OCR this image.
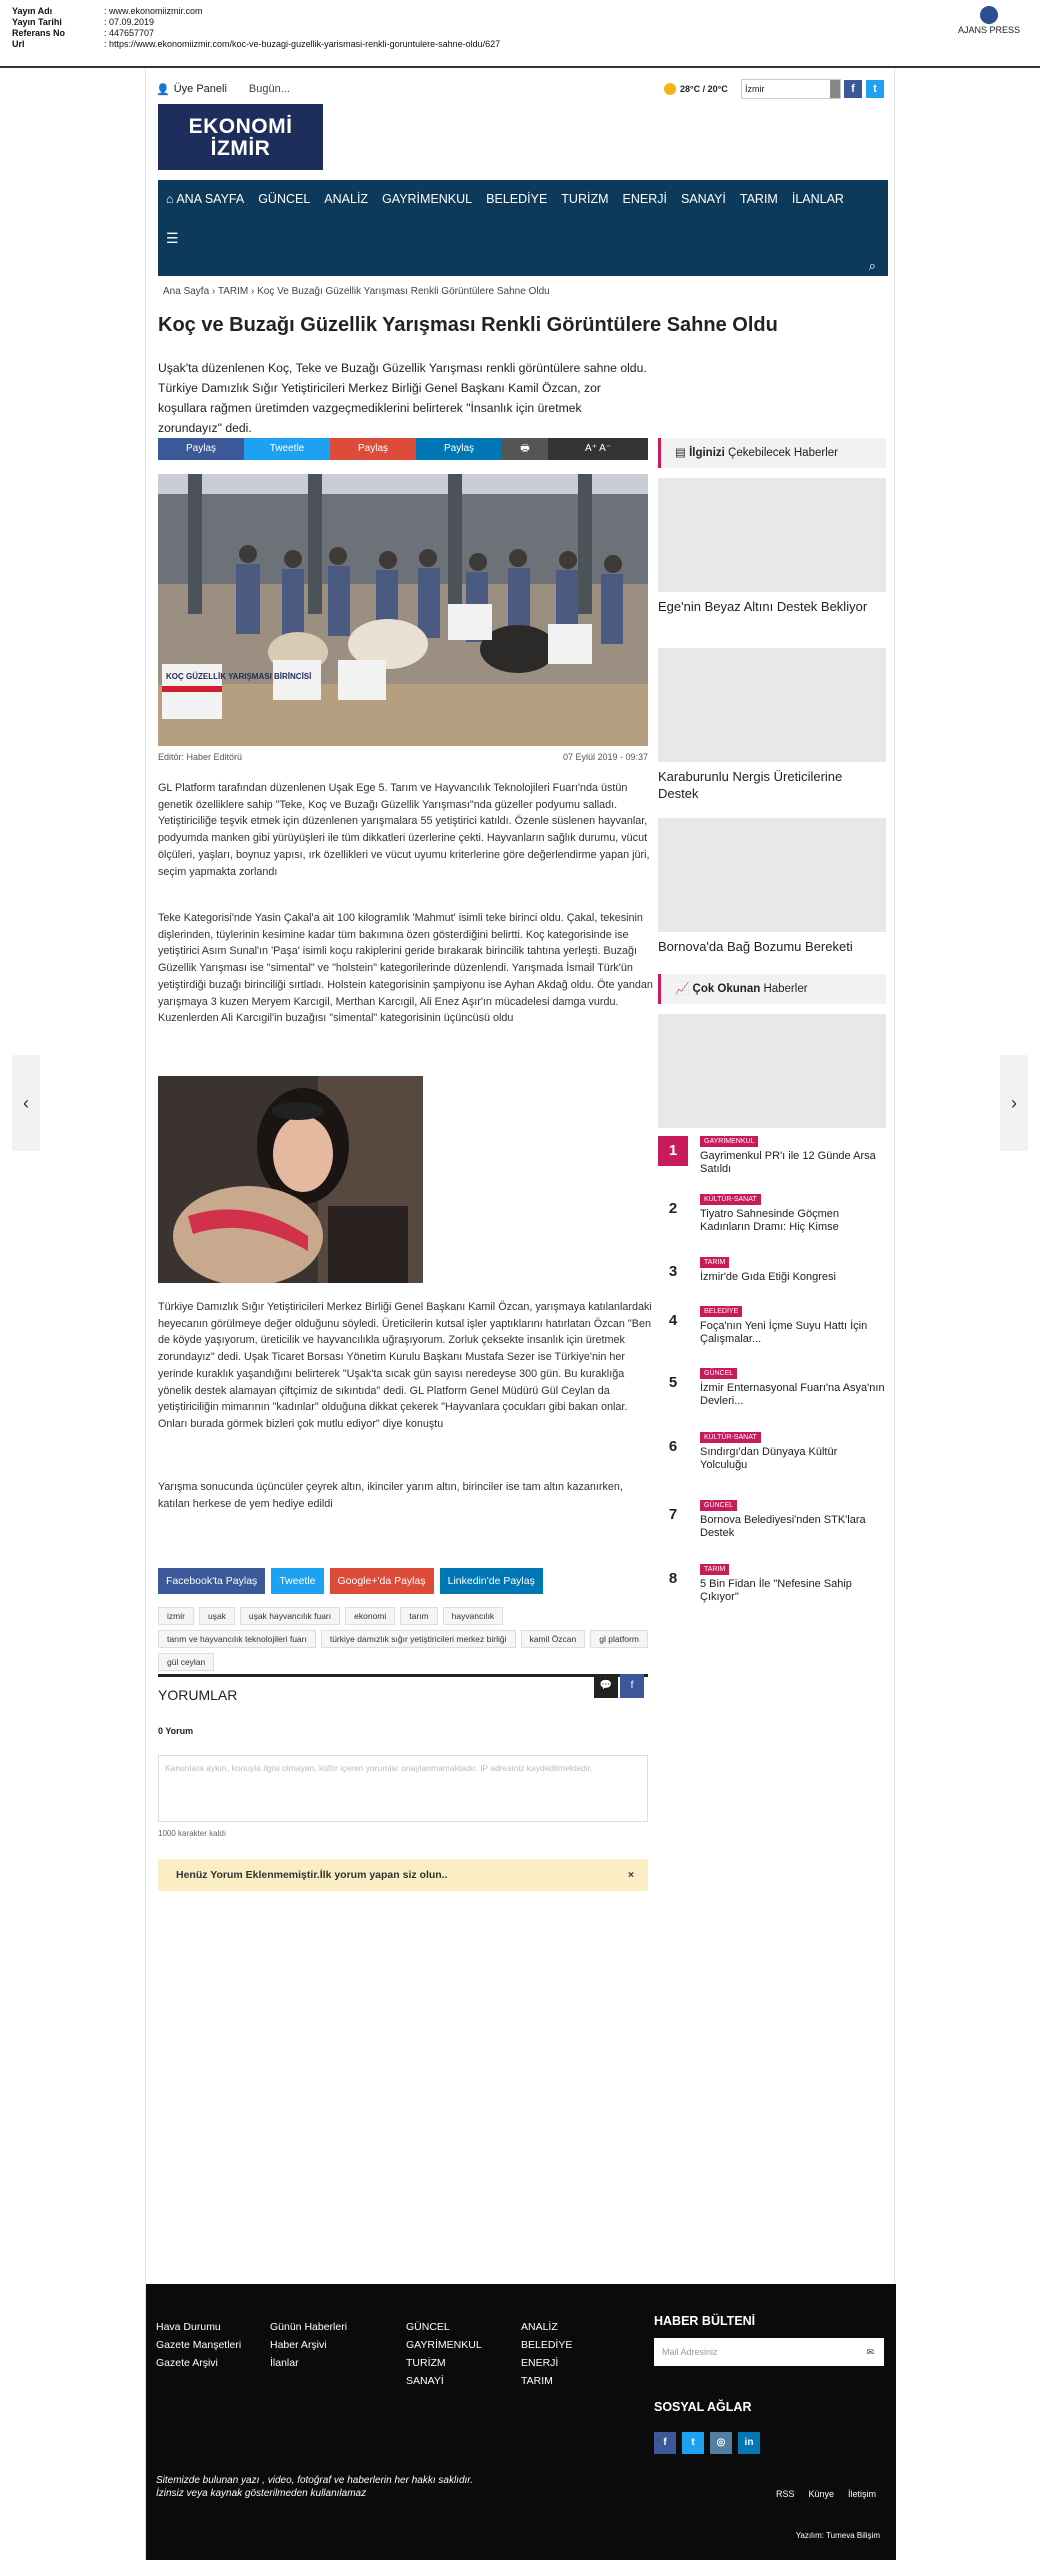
Yayın Adı	: www.ekonomiizmir.com
Yayın Tarihi	: 07.09.2019
Referans No	: 447657707
Url	: https://www.ekonomiizmir.com/koc-ve-buzagi-guzellik-yarismasi-renkli-goruntulere-sahne-oldu/627
AJANS PRESS
‹	›
👤 Üye Paneli Bugün...	28°C / 20°C	İzmir	f	t
EKONOMİ
İZMİR
⌂ ANA SAYFA GÜNCEL ANALİZ GAYRİMENKUL BELEDİYE TURİZM ENERJİ SANAYİ TARIM İLANLAR
☰
⌕
Ana Sayfa › TARIM › Koç Ve Buzağı Güzellik Yarışması Renkli Görüntülere Sahne Oldu
Koç ve Buzağı Güzellik Yarışması Renkli Görüntülere Sahne Oldu

Uşak'ta düzenlenen Koç, Teke ve Buzağı Güzellik Yarışması renkli görüntülere sahne oldu. Türkiye Damızlık Sığır Yetiştiricileri Merkez Birliği Genel Başkanı Kamil Özcan, zor koşullara rağmen üretimden vazgeçmediklerini belirterek "İnsanlık için üretmek zorundayız" dedi.

Paylaş	Tweetle	Paylaş	Paylaş	🖶	A⁺ A⁻
KOÇ GÜZELLİK YARIŞMASI BİRİNCİSİ
Editör: Haber Editörü	07 Eylül 2019 - 09:37

GL Platform tarafından düzenlenen Uşak Ege 5. Tarım ve Hayvancılık Teknolojileri Fuarı'nda üstün genetik özelliklere sahip "Teke, Koç ve Buzağı Güzellik Yarışması"nda güzeller podyumu salladı. Yetiştiriciliğe teşvik etmek için düzenlenen yarışmalara 55 yetiştirici katıldı. Özenle süslenen hayvanlar, podyumda manken gibi yürüyüşleri ile tüm dikkatleri üzerlerine çekti. Hayvanların sağlık durumu, vücut ölçüleri, yaşları, boynuz yapısı, ırk özellikleri ve vücut uyumu kriterlerine göre değerlendirme yapan jüri, seçim yapmakta zorlandı

Teke Kategorisi'nde Yasin Çakal'a ait 100 kilogramlık 'Mahmut' isimli teke birinci oldu. Çakal, tekesinin dişlerinden, tüylerinin kesimine kadar tüm bakımına özen gösterdiğini belirtti. Koç kategorisinde ise yetiştirici Asım Sunal'ın 'Paşa' isimli koçu rakiplerini geride bırakarak birincilik tahtına yerleşti. Buzağı Güzellik Yarışması ise "simental" ve "holstein" kategorilerinde düzenlendi. Yarışmada İsmail Türk'ün yetiştirdiği buzağı birinciliği sırtladı. Holstein kategorisinin şampiyonu ise Ayhan Akdağ oldu. Öte yandan yarışmaya 3 kuzen Meryem Karcıgil, Merthan Karcıgil, Ali Enez Aşır'ın mücadelesi damga vurdu. Kuzenlerden Ali Karcıgil'in buzağısı "simental" kategorisinin üçüncüsü oldu

Türkiye Damızlık Sığır Yetiştiricileri Merkez Birliği Genel Başkanı Kamil Özcan, yarışmaya katılanlardaki heyecanın görülmeye değer olduğunu söyledi. Üreticilerin kutsal işler yaptıklarını hatırlatan Özcan "Ben de köyde yaşıyorum, üreticilik ve hayvancılıkla uğraşıyorum. Zorluk çeksekte insanlık için üretmek zorundayız" dedi. Uşak Ticaret Borsası Yönetim Kurulu Başkanı Mustafa Sezer ise Türkiye'nin her yerinde kuraklık yaşandığını belirterek "Uşak'ta sıcak gün sayısı neredeyse 300 gün. Bu kuraklığa yönelik destek alamayan çiftçimiz de sıkıntıda" dedi. GL Platform Genel Müdürü Gül Ceylan da yetiştiriciliğin mimarının "kadınlar" olduğuna dikkat çekerek "Hayvanlara çocukları gibi bakan onlar. Onları burada görmek bizleri çok mutlu ediyor" diye konuştu

Yarışma sonucunda üçüncüler çeyrek altın, ikinciler yarım altın, birinciler ise tam altın kazanırken, katılan herkese de yem hediye edildi

Facebook'ta Paylaş	Tweetle	Google+'da Paylaş	Linkedin'de Paylaş
izmir	uşak	uşak hayvancılık fuarı	ekonomi	tarım	hayvancılık
tarım ve hayvancılık teknolojileri fuarı	türkiye damızlık sığır yetiştiricileri merkez birliği	kamil Özcan	gl platform
gül ceylan
YORUMLAR
💬	f
0 Yorum
Kanunlara aykırı, konuyla ilgisi olmayan, küfür içeren yorumlar onaylanmamaktadır. IP adresiniz kaydedilmektedir.
1000 karakter kaldı
Henüz Yorum Eklenmemiştir.İlk yorum yapan siz olun..	×
▤ İlginizi Çekebilecek Haberler
Ege'nin Beyaz Altını Destek Bekliyor
Karaburunlu Nergis Üreticilerine Destek
Bornova'da Bağ Bozumu Bereketi
📈 Çok Okunan Haberler
1
GAYRİMENKUL
Gayrimenkul PR'ı ile 12 Günde Arsa Satıldı
2
KÜLTÜR-SANAT
Tiyatro Sahnesinde Göçmen Kadınların Dramı: Hiç Kimse
3
TARIM
İzmir'de Gıda Etiği Kongresi
4
BELEDİYE
Foça'nın Yeni İçme Suyu Hattı İçin Çalışmalar...
5
GÜNCEL
İzmir Enternasyonal Fuarı'na Asya'nın Devleri...
6
KÜLTÜR-SANAT
Sındırgı'dan Dünyaya Kültür Yolculuğu
7
GÜNCEL
Bornova Belediyesi'nden STK'lara Destek
8
TARIM
5 Bin Fidan İle "Nefesine Sahip Çıkıyor"
Hava Durumu
Gazete Manşetleri
Gazete Arşivi
Günün Haberleri
Haber Arşivi
İlanlar
GÜNCEL
GAYRİMENKUL
TURİZM
SANAYİ
ANALİZ
BELEDİYE
ENERJİ
TARIM
HABER BÜLTENİ
Mail Adresiniz	✉
SOSYAL AĞLAR
f	t	◎	in
Sitemizde bulunan yazı , video, fotoğraf ve haberlerin her hakkı saklıdır.
İzinsiz veya kaynak gösterilmeden kullanılamaz	RSS Künye İletişim
Yazılım: Tumeva Bilişim
